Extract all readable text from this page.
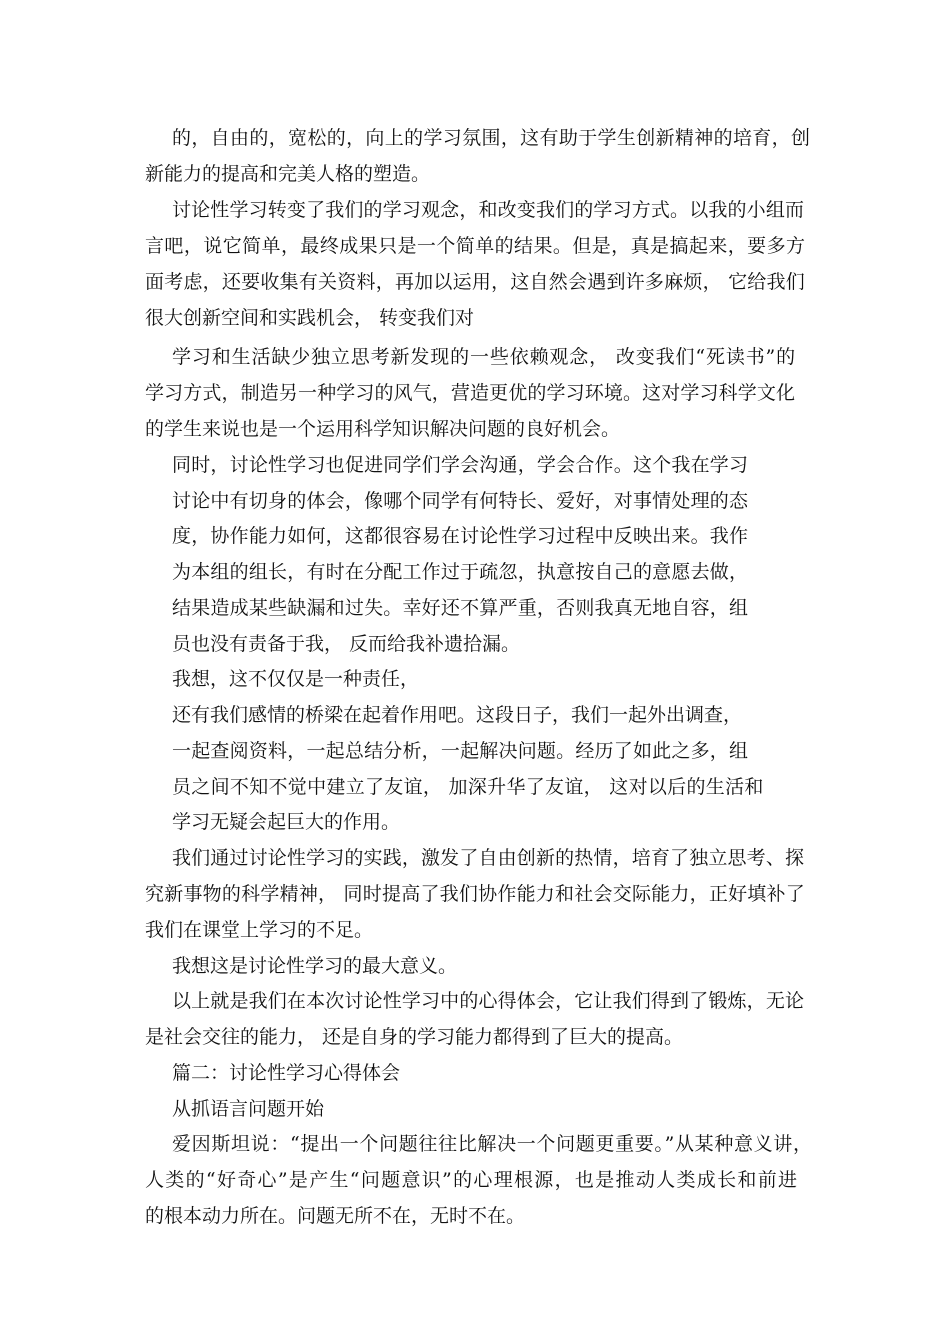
的，自由的，宽松的，向上的学习氛围，这有助于学生创新精神的培育，创
新能力的提高和完美人格的塑造。
讨论性学习转变了我们的学习观念，和改变我们的学习方式。以我的小组而
言吧，说它简单，最终成果只是一个简单的结果。但是，真是搞起来，要多方
面考虑，还要收集有关资料，再加以运用，这自然会遇到许多麻烦， 它给我们
很大创新空间和实践机会， 转变我们对
学习和生活缺少独立思考新发现的一些依赖观念， 改变我们“死读书”的
学习方式，制造另一种学习的风气，营造更优的学习环境。这对学习科学文化
的学生来说也是一个运用科学知识解决问题的良好机会。
同时，讨论性学习也促进同学们学会沟通，学会合作。这个我在学习
讨论中有切身的体会，像哪个同学有何特长、爱好，对事情处理的态
度，协作能力如何，这都很容易在讨论性学习过程中反映出来。我作
为本组的组长，有时在分配工作过于疏忽，执意按自己的意愿去做，
结果造成某些缺漏和过失。幸好还不算严重，否则我真无地自容，组
员也没有责备于我， 反而给我补遗拾漏。
我想，这不仅仅是一种责任，
还有我们感情的桥梁在起着作用吧。这段日子，我们一起外出调查，
一起查阅资料，一起总结分析，一起解决问题。经历了如此之多，组
员之间不知不觉中建立了友谊， 加深升华了友谊， 这对以后的生活和
学习无疑会起巨大的作用。
我们通过讨论性学习的实践，激发了自由创新的热情，培育了独立思考、探
究新事物的科学精神， 同时提高了我们协作能力和社会交际能力，正好填补了
我们在课堂上学习的不足。
我想这是讨论性学习的最大意义。
以上就是我们在本次讨论性学习中的心得体会，它让我们得到了锻炼，无论
是社会交往的能力， 还是自身的学习能力都得到了巨大的提高。
篇二：讨论性学习心得体会
从抓语言问题开始
爱因斯坦说：“提出一个问题往往比解决一个问题更重要。”从某种意义讲，
人类的“好奇心”是产生“问题意识”的心理根源，也是推动人类成长和前进
的根本动力所在。问题无所不在，无时不在。
